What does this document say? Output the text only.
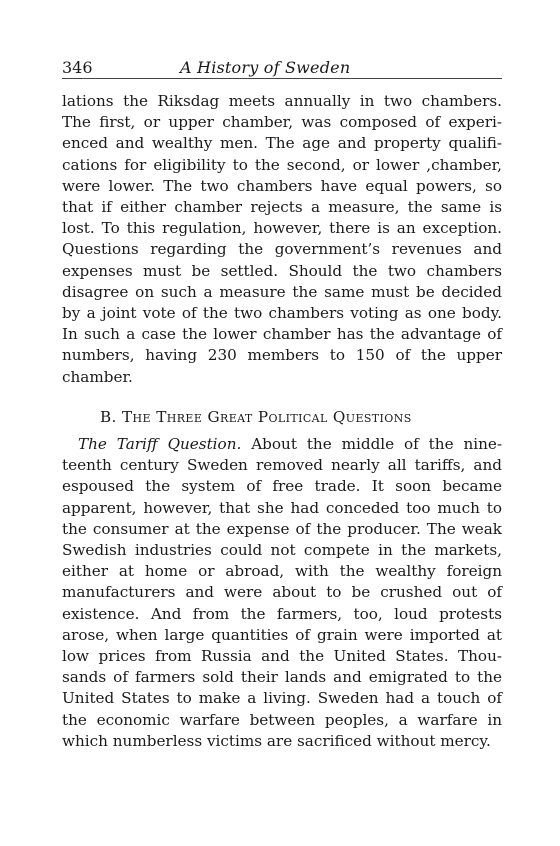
346	A History of Sweden

lations the Riksdag meets annually in two chambers. The first, or upper chamber, was composed of experienced and wealthy men. The age and property qualifications for eligibility to the second, or lower ,chamber, were lower. The two chambers have equal powers, so that if either chamber rejects a measure, the same is lost. To this regulation, however, there is an exception. Questions regarding the government’s revenues and expenses must be settled. Should the two chambers disagree on such a measure the same must be decided by a joint vote of the two chambers voting as one body. In such a case the lower chamber has the advantage of numbers, having 230 members to 150 of the upper chamber.

B. The Three Great Political Questions

The Tariff Question. About the middle of the nineteenth century Sweden removed nearly all tariffs, and espoused the system of free trade. It soon became apparent, however, that she had conceded too much to the consumer at the expense of the producer. The weak Swedish industries could not compete in the markets, either at home or abroad, with the wealthy foreign manufacturers and were about to be crushed out of existence. And from the farmers, too, loud protests arose, when large quantities of grain were imported at low prices from Russia and the United States. Thousands of farmers sold their lands and emigrated to the United States to make a living. Sweden had a touch of the economic warfare between peoples, a warfare in which numberless victims are sacrificed without mercy.
